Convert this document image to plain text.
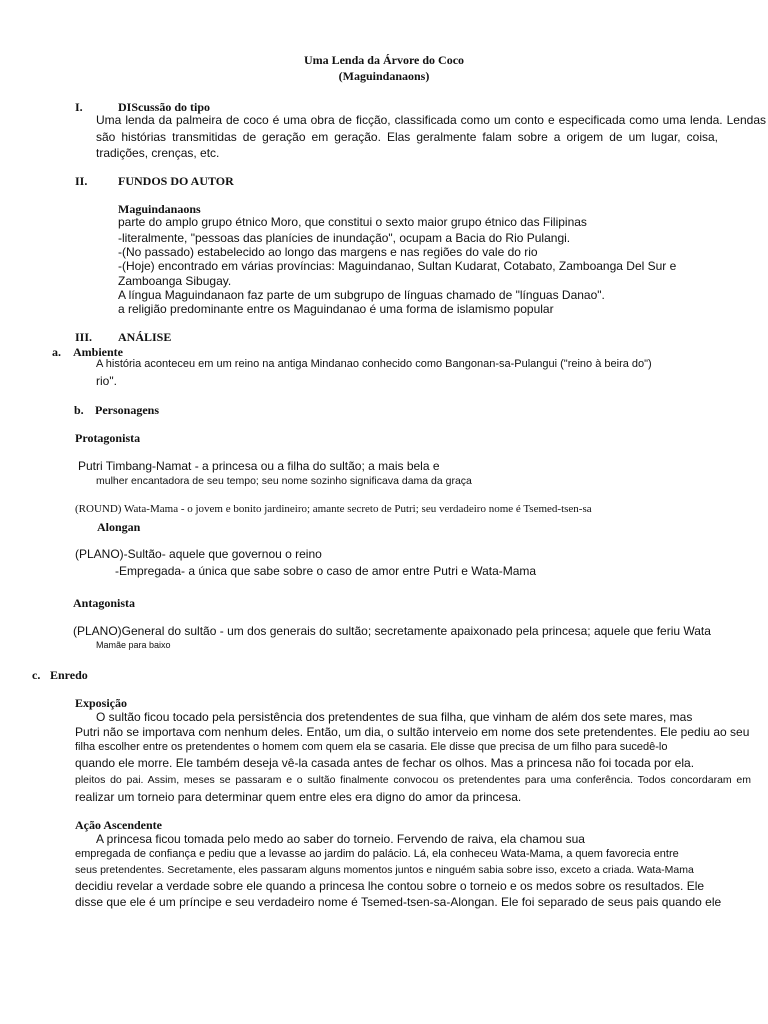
Uma Lenda da Árvore do Coco
(Maguindanaons)
I.	DIScussão do tipo
Uma lenda da palmeira de coco é uma obra de ficção, classificada como um conto e especificada como uma lenda. Lendas
são histórias transmitidas de geração em geração. Elas geralmente falam sobre a origem de um lugar, coisa,
tradições, crenças, etc.
II.	FUNDOS DO AUTOR
Maguindanaons
parte do amplo grupo étnico Moro, que constitui o sexto maior grupo étnico das Filipinas
-literalmente, "pessoas das planícies de inundação", ocupam a Bacia do Rio Pulangi.
-(No passado) estabelecido ao longo das margens e nas regiões do vale do rio
-(Hoje) encontrado em várias províncias: Maguindanao, Sultan Kudarat, Cotabato, Zamboanga Del Sur e
Zamboanga Sibugay.
A língua Maguindanaon faz parte de um subgrupo de línguas chamado de "línguas Danao".
a religião predominante entre os Maguindanao é uma forma de islamismo popular
III. ANÁLISE
a. Ambiente
A história aconteceu em um reino na antiga Mindanao conhecido como Bangonan-sa-Pulangui ("reino à beira do")
rio".
b. Personagens
Protagonista
Putri Timbang-Namat - a princesa ou a filha do sultão; a mais bela e
mulher encantadora de seu tempo; seu nome sozinho significava dama da graça
(ROUND) Wata-Mama - o jovem e bonito jardineiro; amante secreto de Putri; seu verdadeiro nome é Tsemed-tsen-sa
Alongan
(PLANO)-Sultão- aquele que governou o reino
-Empregada- a única que sabe sobre o caso de amor entre Putri e Wata-Mama
Antagonista
(PLANO)General do sultão - um dos generais do sultão; secretamente apaixonado pela princesa; aquele que feriu Wata
Mamãe para baixo
c. Enredo
Exposição
O sultão ficou tocado pela persistência dos pretendentes de sua filha, que vinham de além dos sete mares, mas
Putri não se importava com nenhum deles. Então, um dia, o sultão interveio em nome dos sete pretendentes. Ele pediu ao seu
filha escolher entre os pretendentes o homem com quem ela se casaria. Ele disse que precisa de um filho para sucedê-lo
quando ele morre. Ele também deseja vê-la casada antes de fechar os olhos. Mas a princesa não foi tocada por ela.
pleitos do pai. Assim, meses se passaram e o sultão finalmente convocou os pretendentes para uma conferência. Todos concordaram em
realizar um torneio para determinar quem entre eles era digno do amor da princesa.
Ação Ascendente
A princesa ficou tomada pelo medo ao saber do torneio. Fervendo de raiva, ela chamou sua
empregada de confiança e pediu que a levasse ao jardim do palácio. Lá, ela conheceu Wata-Mama, a quem favorecia entre
seus pretendentes. Secretamente, eles passaram alguns momentos juntos e ninguém sabia sobre isso, exceto a criada. Wata-Mama
decidiu revelar a verdade sobre ele quando a princesa lhe contou sobre o torneio e os medos sobre os resultados. Ele
disse que ele é um príncipe e seu verdadeiro nome é Tsemed-tsen-sa-Alongan. Ele foi separado de seus pais quando ele
